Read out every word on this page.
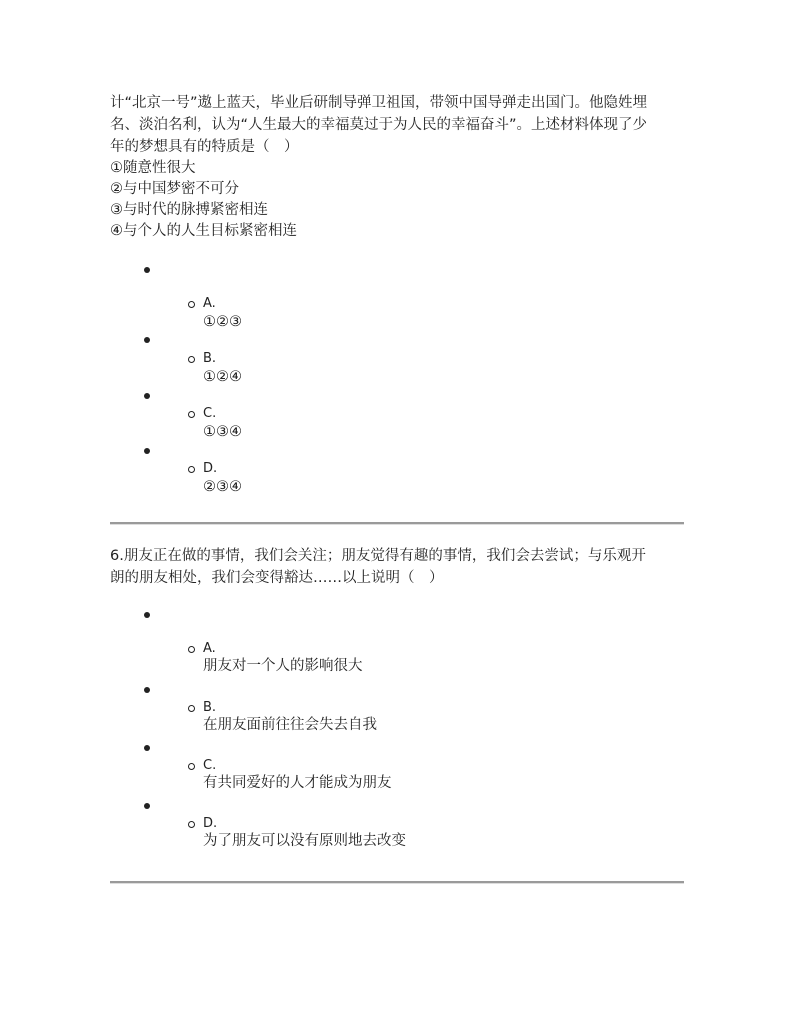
计“北京一号”遨上蓝天，毕业后研制导弹卫祖国，带领中国导弹走出国门。他隐姓埋
名、淡泊名利，认为“人生最大的幸福莫过于为人民的幸福奋斗”。上述材料体现了少
年的梦想具有的特质是（　）
①随意性很大
②与中国梦密不可分
③与时代的脉搏紧密相连
④与个人的人生目标紧密相连
A.
①②③
B.
①②④
C.
①③④
D.
②③④
6.朋友正在做的事情，我们会关注；朋友觉得有趣的事情，我们会去尝试；与乐观开
朗的朋友相处，我们会变得豁达……以上说明（　）
A.
朋友对一个人的影响很大
B.
在朋友面前往往会失去自我
C.
有共同爱好的人才能成为朋友
D.
为了朋友可以没有原则地去改变
